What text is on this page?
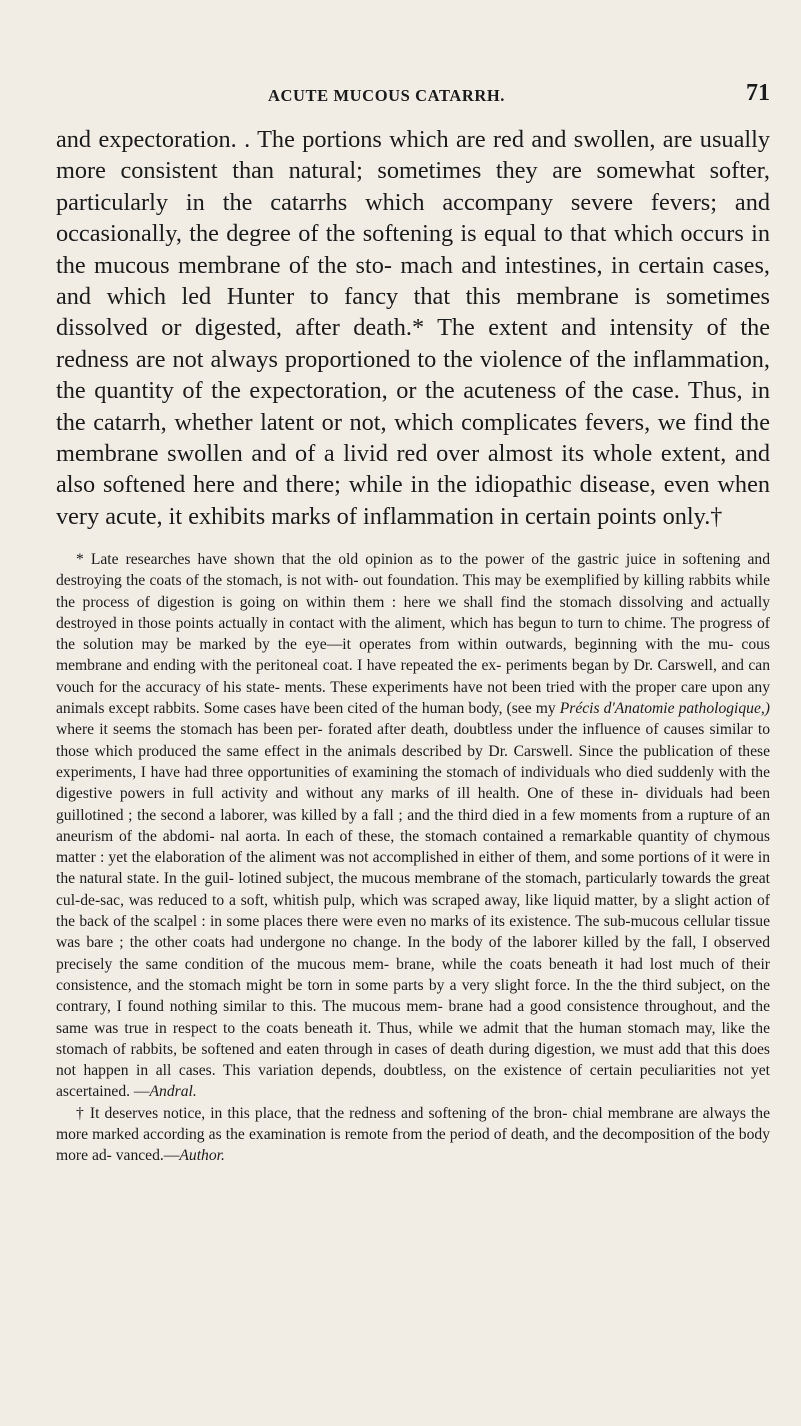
ACUTE MUCOUS CATARRH.	71

and expectoration. . The portions which are red and swollen, are usually more consistent than natural; sometimes they are somewhat softer, particularly in the catarrhs which accompany severe fevers; and occasionally, the degree of the softening is equal to that which occurs in the mucous membrane of the sto- mach and intestines, in certain cases, and which led Hunter to fancy that this membrane is sometimes dissolved or digested, after death.* The extent and intensity of the redness are not always proportioned to the violence of the inflammation, the quantity of the expectoration, or the acuteness of the case. Thus, in the catarrh, whether latent or not, which complicates fevers, we find the membrane swollen and of a livid red over almost its whole extent, and also softened here and there; while in the idiopathic disease, even when very acute, it exhibits marks of inflammation in certain points only.†

* Late researches have shown that the old opinion as to the power of the gastric juice in softening and destroying the coats of the stomach, is not with- out foundation. This may be exemplified by killing rabbits while the process of digestion is going on within them : here we shall find the stomach dissolving and actually destroyed in those points actually in contact with the aliment, which has begun to turn to chime. The progress of the solution may be marked by the eye—it operates from within outwards, beginning with the mu- cous membrane and ending with the peritoneal coat. I have repeated the ex- periments began by Dr. Carswell, and can vouch for the accuracy of his state- ments. These experiments have not been tried with the proper care upon any animals except rabbits. Some cases have been cited of the human body, (see my Précis d'Anatomie pathologique,) where it seems the stomach has been per- forated after death, doubtless under the influence of causes similar to those which produced the same effect in the animals described by Dr. Carswell. Since the publication of these experiments, I have had three opportunities of examining the stomach of individuals who died suddenly with the digestive powers in full activity and without any marks of ill health. One of these in- dividuals had been guillotined ; the second a laborer, was killed by a fall ; and the third died in a few moments from a rupture of an aneurism of the abdomi- nal aorta. In each of these, the stomach contained a remarkable quantity of chymous matter : yet the elaboration of the aliment was not accomplished in either of them, and some portions of it were in the natural state. In the guil- lotined subject, the mucous membrane of the stomach, particularly towards the great cul-de-sac, was reduced to a soft, whitish pulp, which was scraped away, like liquid matter, by a slight action of the back of the scalpel : in some places there were even no marks of its existence. The sub-mucous cellular tissue was bare ; the other coats had undergone no change. In the body of the laborer killed by the fall, I observed precisely the same condition of the mucous mem- brane, while the coats beneath it had lost much of their consistence, and the stomach might be torn in some parts by a very slight force. In the the third subject, on the contrary, I found nothing similar to this. The mucous mem- brane had a good consistence throughout, and the same was true in respect to the coats beneath it. Thus, while we admit that the human stomach may, like the stomach of rabbits, be softened and eaten through in cases of death during digestion, we must add that this does not happen in all cases. This variation depends, doubtless, on the existence of certain peculiarities not yet ascertained. —Andral.

† It deserves notice, in this place, that the redness and softening of the bron- chial membrane are always the more marked according as the examination is remote from the period of death, and the decomposition of the body more ad- vanced.—Author.
